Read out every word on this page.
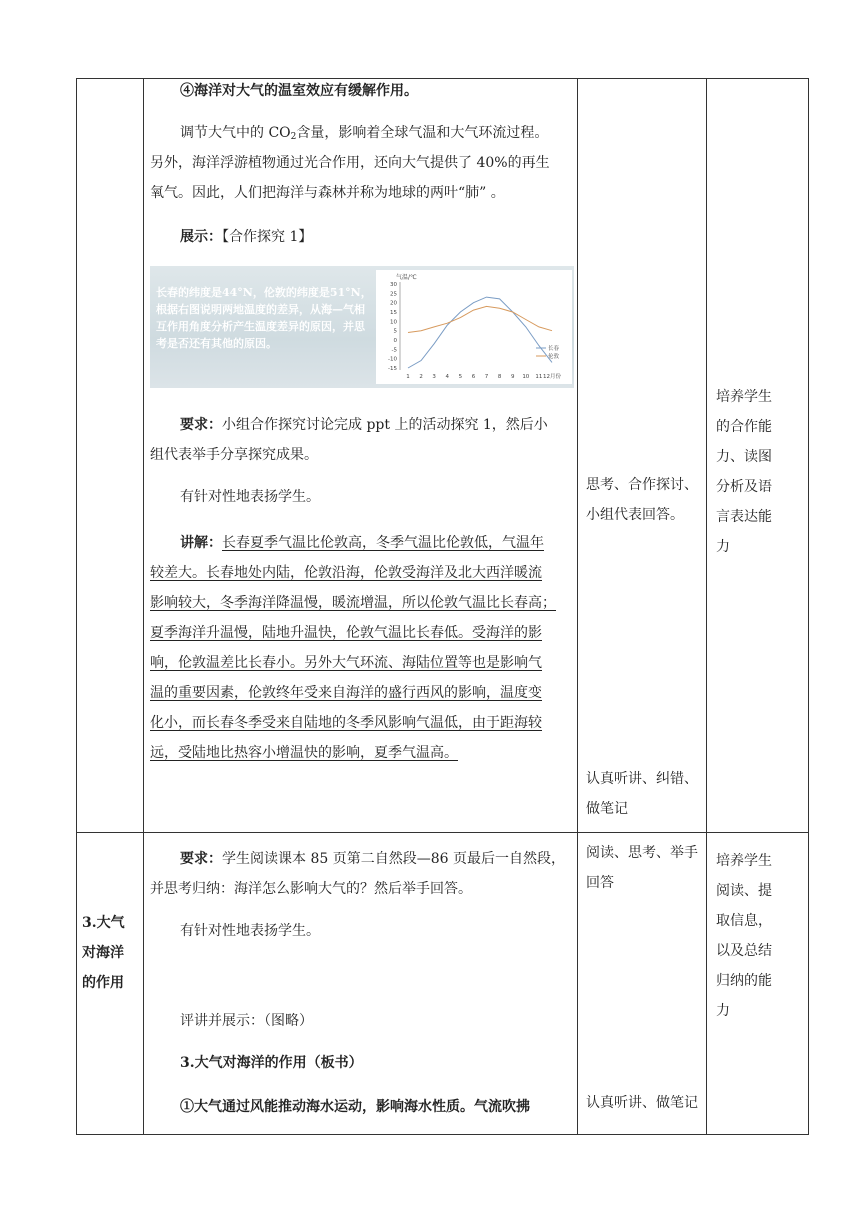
④海洋对大气的温室效应有缓解作用。
调节大气中的 $CO_2$含量，影响着全球气温和大气环流过程。
另外，海洋浮游植物通过光合作用，还向大气提供了 40%的再生
氧气。因此，人们把海洋与森林并称为地球的两叶“肺” 。
展示：【合作探究 1】
长春的纬度是44°N，伦敦的纬度是51°N，根据右图说明两地温度的差异，从海—气相互作用角度分析产生温度差异的原因，并思考是否还有其他的原因。
气温/℃
30
25
20
15
10
5
0
-5
-10
-15
1 2 3 4 5 6 7 8 9 10 11 12月份
长春
伦敦
要求：小组合作探究讨论完成 ppt 上的活动探究 1，然后小
组代表举手分享探究成果。
有针对性地表扬学生。
讲解：长春夏季气温比伦敦高，冬季气温比伦敦低，气温年
较差大。长春地处内陆，伦敦沿海，伦敦受海洋及北大西洋暖流
影响较大，冬季海洋降温慢，暖流增温，所以伦敦气温比长春高；
夏季海洋升温慢，陆地升温快，伦敦气温比长春低。受海洋的影
响，伦敦温差比长春小。另外大气环流、海陆位置等也是影响气
温的重要因素，伦敦终年受来自海洋的盛行西风的影响，温度变
化小，而长春冬季受来自陆地的冬季风影响气温低，由于距海较
远，受陆地比热容小增温快的影响，夏季气温高。
思考、合作探讨、
小组代表回答。
认真听讲、纠错、
做笔记
培养学生
的合作能
力、读图
分析及语
言表达能
力
3.大气
对海洋
的作用
要求：学生阅读课本 85 页第二自然段—86 页最后一自然段，
并思考归纳：海洋怎么影响大气的？然后举手回答。
有针对性地表扬学生。
评讲并展示：（图略）
3.大气对海洋的作用（板书）
①大气通过风能推动海水运动，影响海水性质。气流吹拂
阅读、思考、举手
回答
认真听讲、做笔记
培养学生
阅读、提
取信息，
以及总结
归纳的能
力
